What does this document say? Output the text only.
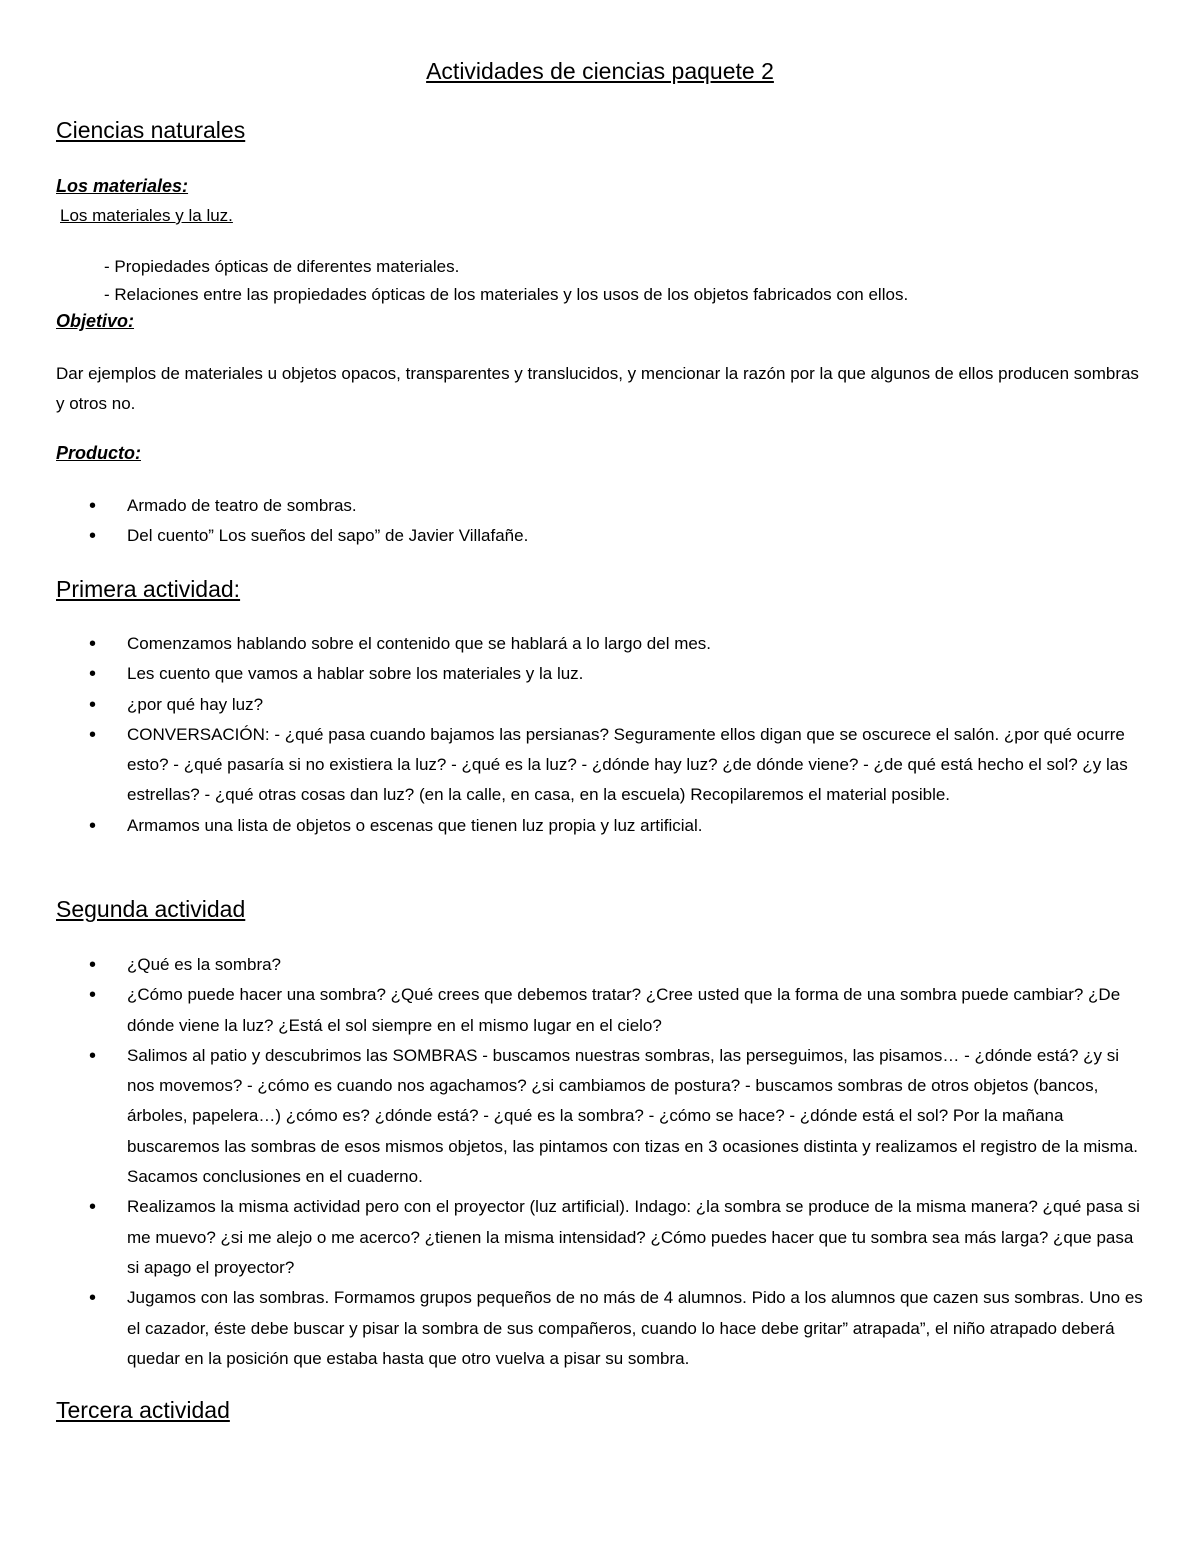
Actividades de ciencias paquete 2
Ciencias naturales
Los materiales:
Los materiales y la luz.
- Propiedades ópticas de diferentes materiales.
- Relaciones entre las propiedades ópticas de los materiales y los usos de los objetos fabricados con ellos.
Objetivo:

Dar ejemplos de materiales u objetos opacos, transparentes y translucidos, y mencionar la razón por la que algunos de ellos producen sombras y otros no.

Producto:
• Armado de teatro de sombras.
• Del cuento” Los sueños del sapo” de Javier Villafañe.
Primera actividad:
• Comenzamos hablando sobre el contenido que se hablará a lo largo del mes.
• Les cuento que vamos a hablar sobre los materiales y la luz.
• ¿por qué hay luz?
• CONVERSACIÓN: - ¿qué pasa cuando bajamos las persianas? Seguramente ellos digan que se oscurece el salón. ¿por qué ocurre esto? - ¿qué pasaría si no existiera la luz? - ¿qué es la luz? - ¿dónde hay luz? ¿de dónde viene? - ¿de qué está hecho el sol? ¿y las estrellas? - ¿qué otras cosas dan luz? (en la calle, en casa, en la escuela) Recopilaremos el material posible.
• Armamos una lista de objetos o escenas que tienen luz propia y luz artificial.
Segunda actividad
• ¿Qué es la sombra?
• ¿Cómo puede hacer una sombra? ¿Qué crees que debemos tratar? ¿Cree usted que la forma de una sombra puede cambiar? ¿De dónde viene la luz? ¿Está el sol siempre en el mismo lugar en el cielo?
• Salimos al patio y descubrimos las SOMBRAS - buscamos nuestras sombras, las perseguimos, las pisamos… - ¿dónde está? ¿y si nos movemos? - ¿cómo es cuando nos agachamos? ¿si cambiamos de postura? - buscamos sombras de otros objetos (bancos, árboles, papelera…) ¿cómo es? ¿dónde está? - ¿qué es la sombra? - ¿cómo se hace? - ¿dónde está el sol? Por la mañana buscaremos las sombras de esos mismos objetos, las pintamos con tizas en 3 ocasiones distinta y realizamos el registro de la misma. Sacamos conclusiones en el cuaderno.
• Realizamos la misma actividad pero con el proyector (luz artificial). Indago: ¿la sombra se produce de la misma manera? ¿qué pasa si me muevo? ¿si me alejo o me acerco? ¿tienen la misma intensidad? ¿Cómo puedes hacer que tu sombra sea más larga? ¿que pasa si apago el proyector?
• Jugamos con las sombras. Formamos grupos pequeños de no más de 4 alumnos. Pido a los alumnos que cazen sus sombras. Uno es el cazador, éste debe buscar y pisar la sombra de sus compañeros, cuando lo hace debe gritar” atrapada”, el niño atrapado deberá quedar en la posición que estaba hasta que otro vuelva a pisar su sombra.
Tercera actividad
